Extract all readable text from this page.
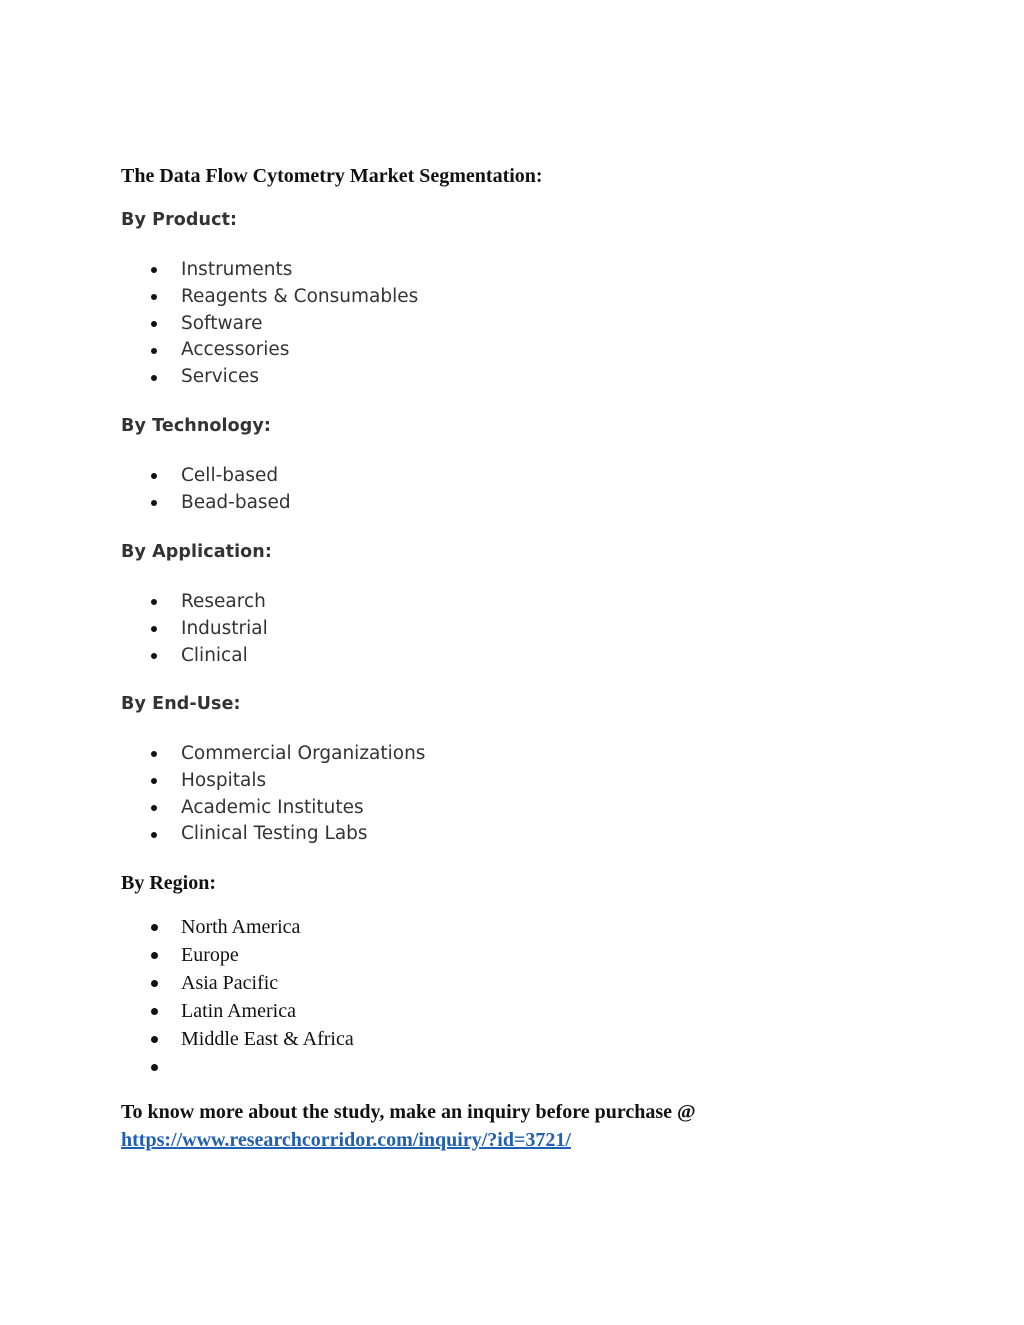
The Data Flow Cytometry Market Segmentation:
By Product:
Instruments
Reagents & Consumables
Software
Accessories
Services
By Technology:
Cell-based
Bead-based
By Application:
Research
Industrial
Clinical
By End-Use:
Commercial Organizations
Hospitals
Academic Institutes
Clinical Testing Labs
By Region:
North America
Europe
Asia Pacific
Latin America
Middle East & Africa

To know more about the study, make an inquiry before purchase @
https://www.researchcorridor.com/inquiry/?id=3721/
